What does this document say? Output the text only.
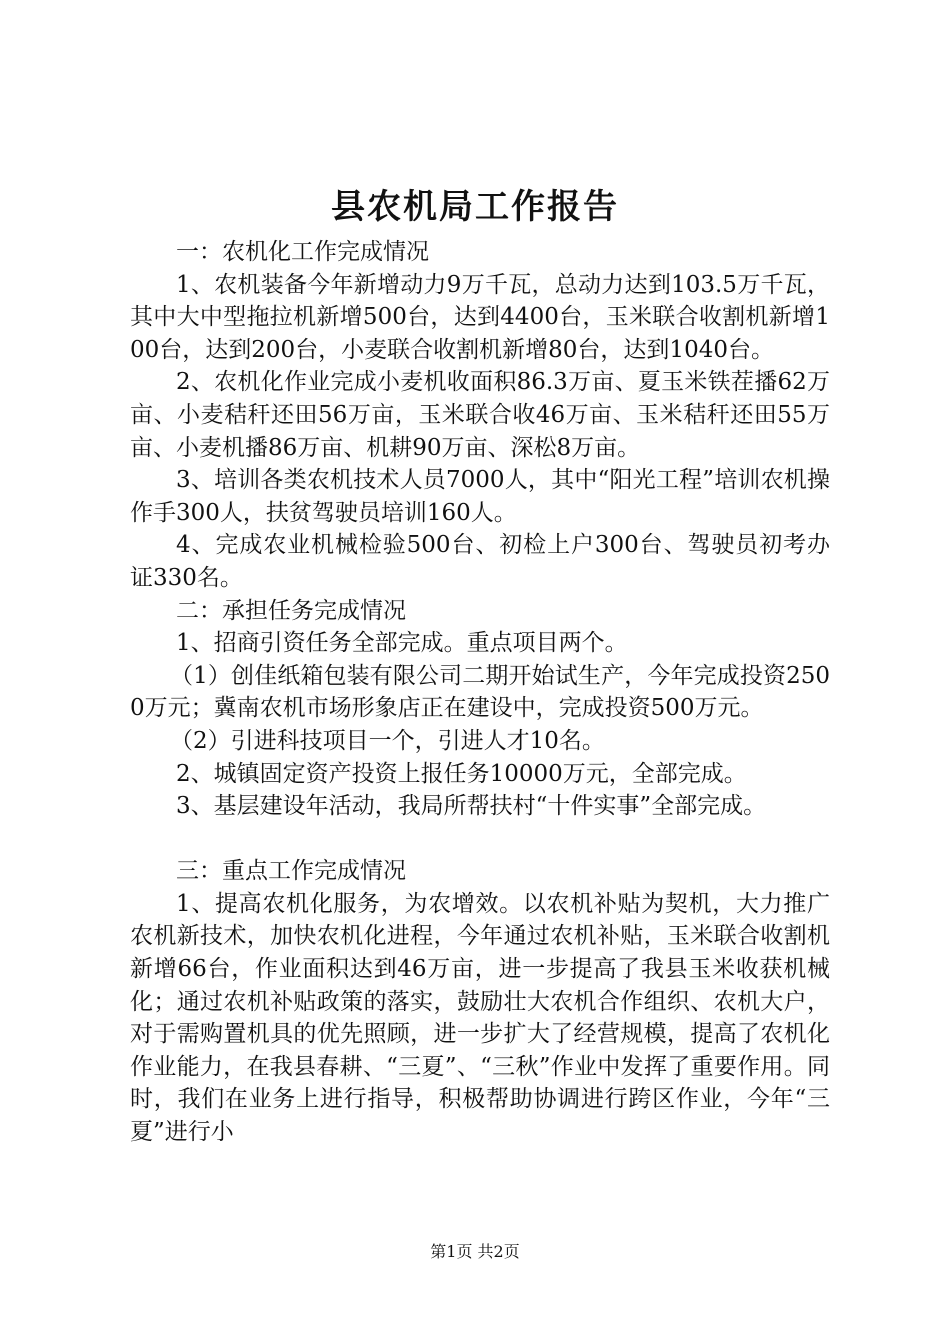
县农机局工作报告

一：农机化工作完成情况

1、农机装备今年新增动力9万千瓦，总动力达到103.5万千瓦，其中大中型拖拉机新增500台，达到4400台，玉米联合收割机新增100台，达到200台，小麦联合收割机新增80台，达到1040台。

2、农机化作业完成小麦机收面积86.3万亩、夏玉米铁茬播62万亩、小麦秸秆还田56万亩，玉米联合收46万亩、玉米秸秆还田55万亩、小麦机播86万亩、机耕90万亩、深松8万亩。

3、培训各类农机技术人员7000人，其中“阳光工程”培训农机操作手300人，扶贫驾驶员培训160人。

4、完成农业机械检验500台、初检上户300台、驾驶员初考办证330名。

二：承担任务完成情况

1、招商引资任务全部完成。重点项目两个。

（1）创佳纸箱包装有限公司二期开始试生产，今年完成投资2500万元；冀南农机市场形象店正在建设中，完成投资500万元。

（2）引进科技项目一个，引进人才10名。

2、城镇固定资产投资上报任务10000万元，全部完成。

3、基层建设年活动，我局所帮扶村“十件实事”全部完成。

三：重点工作完成情况

1、提高农机化服务，为农增效。以农机补贴为契机，大力推广农机新技术，加快农机化进程，今年通过农机补贴，玉米联合收割机新增66台，作业面积达到46万亩，进一步提高了我县玉米收获机械化；通过农机补贴政策的落实，鼓励壮大农机合作组织、农机大户，对于需购置机具的优先照顾，进一步扩大了经营规模，提高了农机化作业能力，在我县春耕、“三夏”、“三秋”作业中发挥了重要作用。同时，我们在业务上进行指导，积极帮助协调进行跨区作业，今年“三夏”进行小

第1页 共2页
